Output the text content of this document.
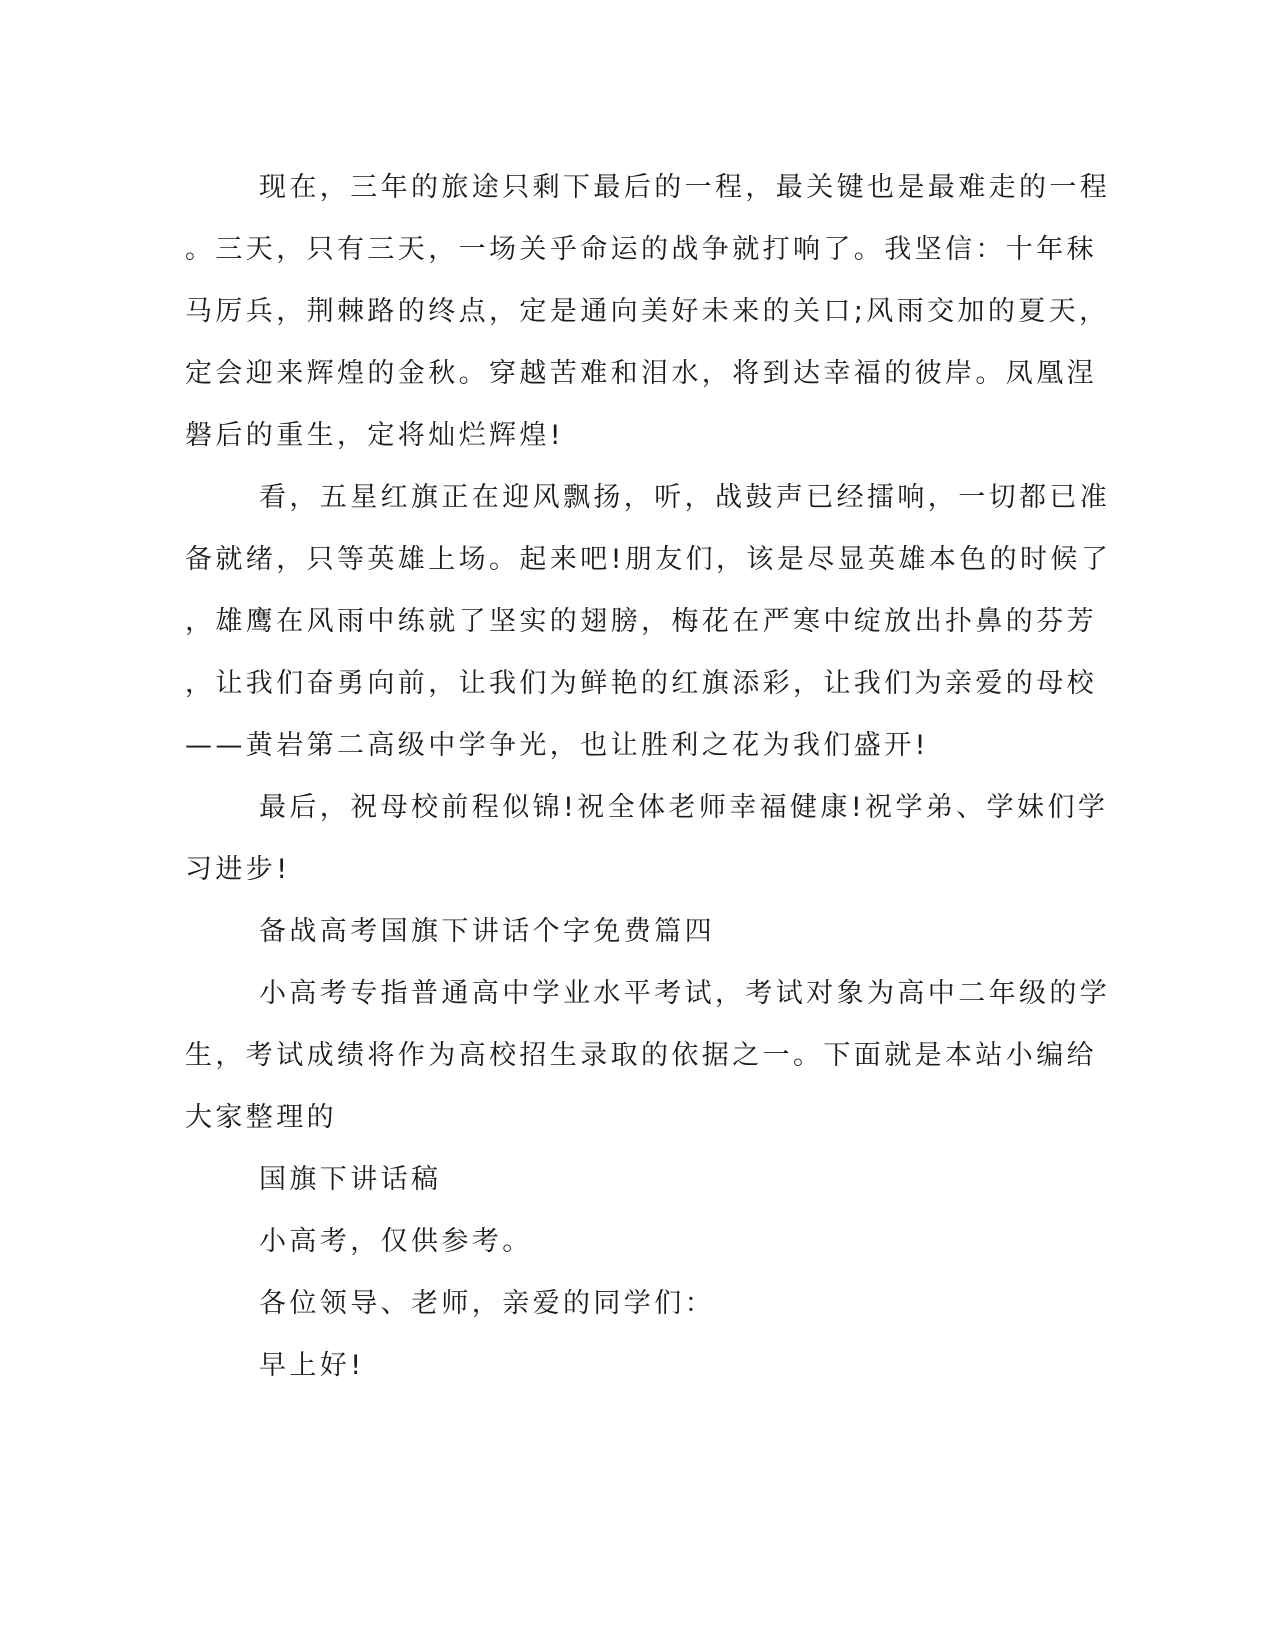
现在，三年的旅途只剩下最后的一程，最关键也是最难走的一程
。三天，只有三天，一场关乎命运的战争就打响了。我坚信：十年秣
马厉兵，荆棘路的终点，定是通向美好未来的关口;风雨交加的夏天，
定会迎来辉煌的金秋。穿越苦难和泪水，将到达幸福的彼岸。凤凰涅
磐后的重生，定将灿烂辉煌!
看，五星红旗正在迎风飘扬，听，战鼓声已经擂响，一切都已准
备就绪，只等英雄上场。起来吧!朋友们，该是尽显英雄本色的时候了
，雄鹰在风雨中练就了坚实的翅膀，梅花在严寒中绽放出扑鼻的芬芳
，让我们奋勇向前，让我们为鲜艳的红旗添彩，让我们为亲爱的母校
——黄岩第二高级中学争光，也让胜利之花为我们盛开!
最后，祝母校前程似锦!祝全体老师幸福健康!祝学弟、学妹们学
习进步!
备战高考国旗下讲话个字免费篇四
小高考专指普通高中学业水平考试，考试对象为高中二年级的学
生，考试成绩将作为高校招生录取的依据之一。下面就是本站小编给
大家整理的
国旗下讲话稿
小高考，仅供参考。
各位领导、老师，亲爱的同学们：
早上好!
